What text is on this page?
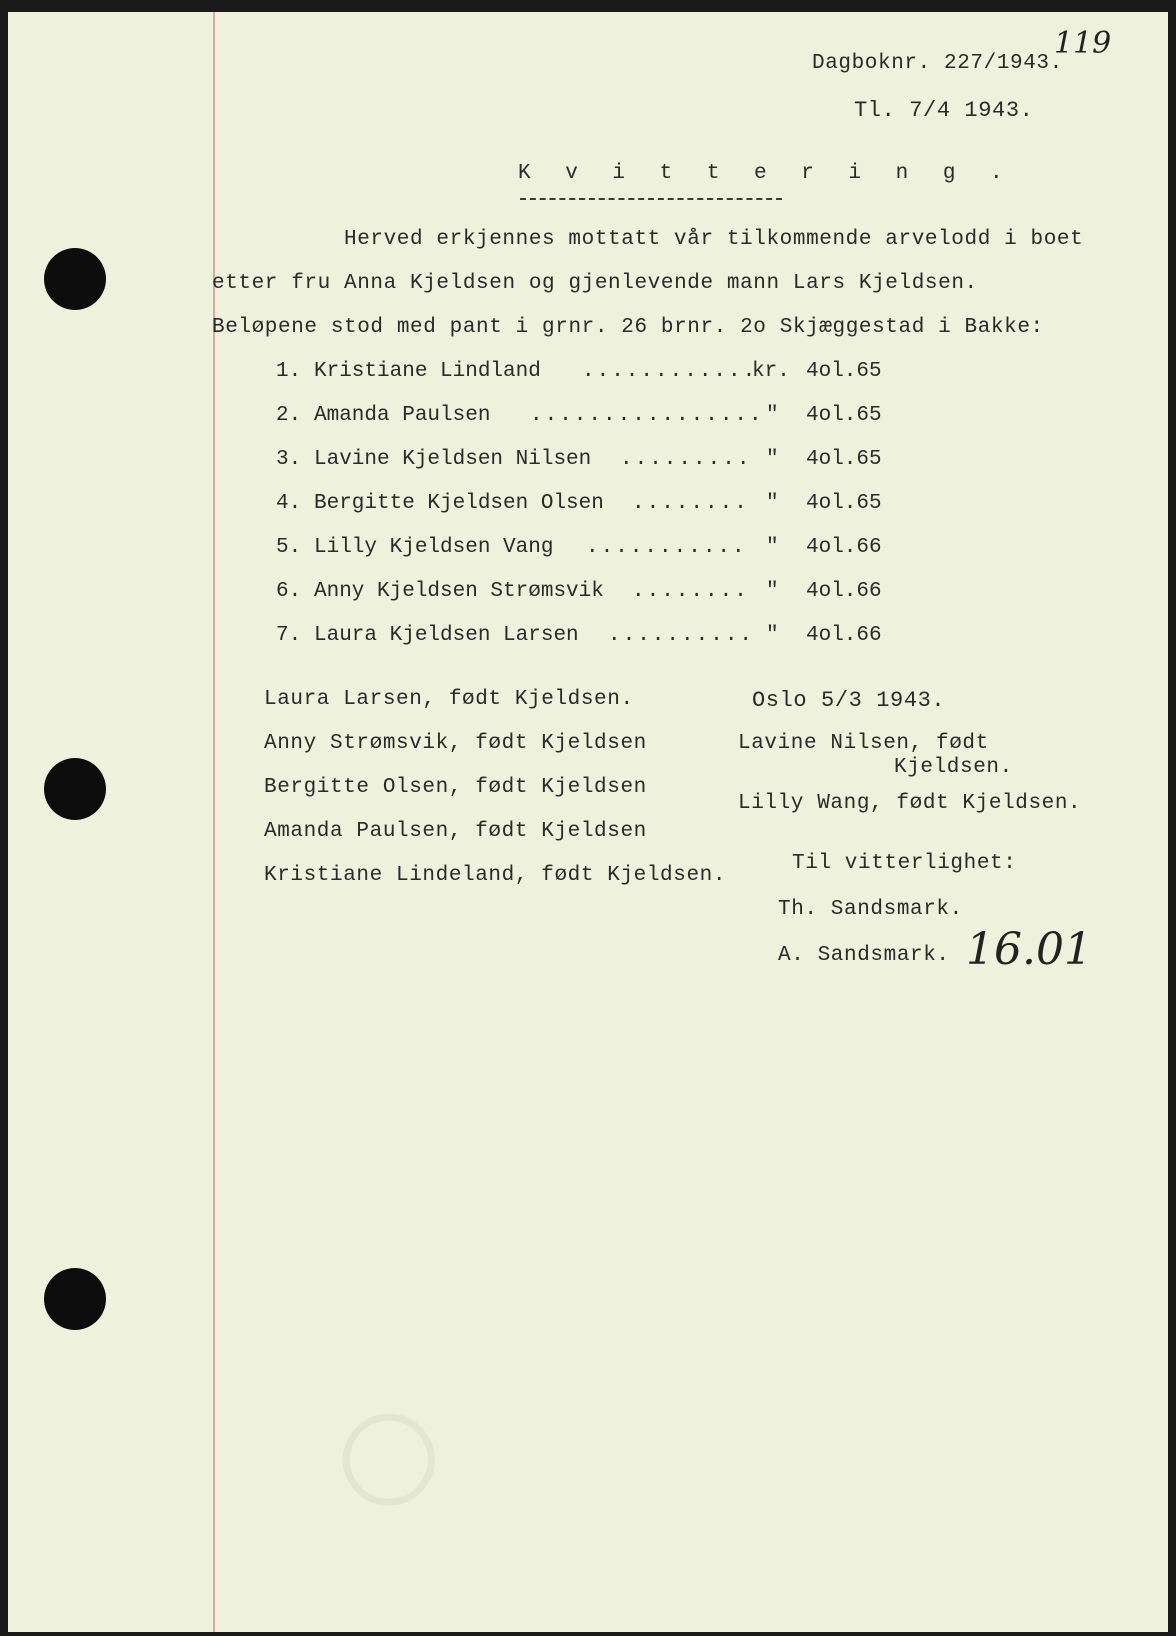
○
Dagboknr. 227/1943.
119
Tl. 7/4 1943.
K v i t t e r i n g .
Herved erkjennes mottatt vår tilkommende arvelodd i boet
etter fru Anna Kjeldsen og gjenlevende mann Lars Kjeldsen.
Beløpene stod med pant i grnr. 26 brnr. 2o Skjæggestad i Bakke:
1. Kristiane Lindland ............
kr. 4ol.65
2. Amanda Paulsen ................ " 4ol.65
3. Lavine Kjeldsen Nilsen ......... " 4ol.65
4. Bergitte Kjeldsen Olsen ........ " 4ol.65
5. Lilly Kjeldsen Vang ........... " 4ol.66
6. Anny Kjeldsen Strømsvik ........ " 4ol.66
7. Laura Kjeldsen Larsen .......... " 4ol.66
Laura Larsen, født Kjeldsen.
Anny Strømsvik, født Kjeldsen
Bergitte Olsen, født Kjeldsen
Amanda Paulsen, født Kjeldsen
Kristiane Lindeland, født Kjeldsen.
Oslo 5/3 1943.
Lavine Nilsen, født
Kjeldsen.
Lilly Wang, født Kjeldsen.
Til vitterlighet:
Th. Sandsmark.
A. Sandsmark. 16.01
